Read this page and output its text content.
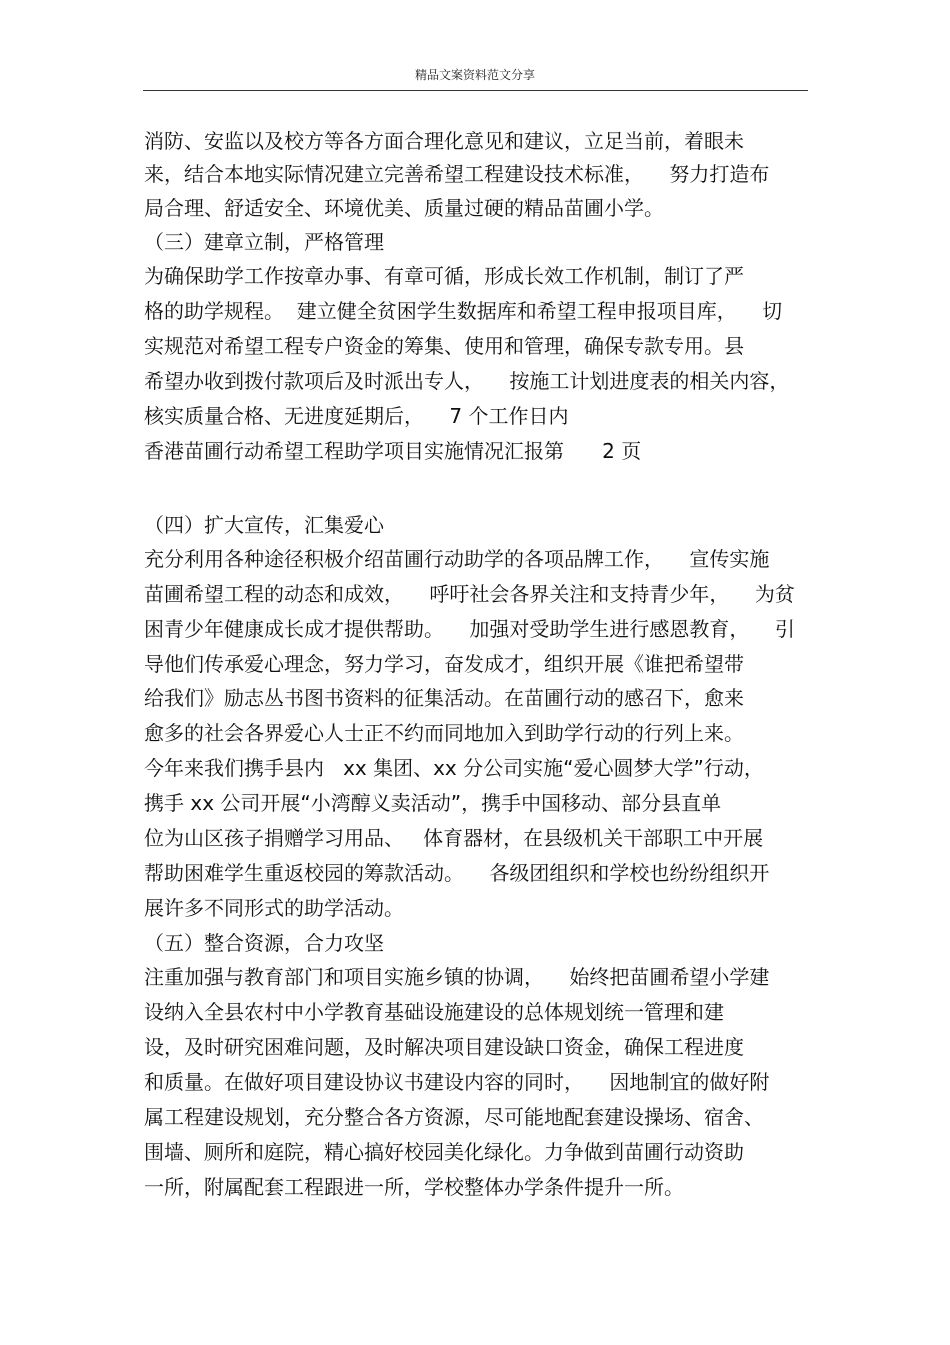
精品文案资料范文分享
消防、安监以及校方等各方面合理化意见和建议，立足当前，着眼未
来，结合本地实际情况建立完善希望工程建设技术标准，    努力打造布
局合理、舒适安全、环境优美、质量过硬的精品苗圃小学。
（三）建章立制，严格管理
为确保助学工作按章办事、有章可循，形成长效工作机制，制订了严
格的助学规程。  建立健全贫困学生数据库和希望工程申报项目库，    切
实规范对希望工程专户资金的筹集、使用和管理，确保专款专用。县
希望办收到拨付款项后及时派出专人，    按施工计划进度表的相关内容，
核实质量合格、无进度延期后，    7 个工作日内
香港苗圃行动希望工程助学项目实施情况汇报第      2 页
（四）扩大宣传，汇集爱心
充分利用各种途径积极介绍苗圃行动助学的各项品牌工作，    宣传实施
苗圃希望工程的动态和成效，    呼吁社会各界关注和支持青少年，    为贫
困青少年健康成长成才提供帮助。    加强对受助学生进行感恩教育，    引
导他们传承爱心理念，努力学习，奋发成才，组织开展《谁把希望带
给我们》励志丛书图书资料的征集活动。在苗圃行动的感召下，愈来
愈多的社会各界爱心人士正不约而同地加入到助学行动的行列上来。
今年来我们携手县内   xx 集团、xx 分公司实施“爱心圆梦大学”行动，
携手 xx 公司开展“小湾醇义卖活动”，携手中国移动、部分县直单
位为山区孩子捐赠学习用品、   体育器材，在县级机关干部职工中开展
帮助困难学生重返校园的筹款活动。    各级团组织和学校也纷纷组织开
展许多不同形式的助学活动。
（五）整合资源，合力攻坚
注重加强与教育部门和项目实施乡镇的协调，    始终把苗圃希望小学建
设纳入全县农村中小学教育基础设施建设的总体规划统一管理和建
设，及时研究困难问题，及时解决项目建设缺口资金，确保工程进度
和质量。在做好项目建设协议书建设内容的同时，    因地制宜的做好附
属工程建设规划，充分整合各方资源，尽可能地配套建设操场、宿舍、
围墙、厕所和庭院，精心搞好校园美化绿化。力争做到苗圃行动资助
一所，附属配套工程跟进一所，学校整体办学条件提升一所。
